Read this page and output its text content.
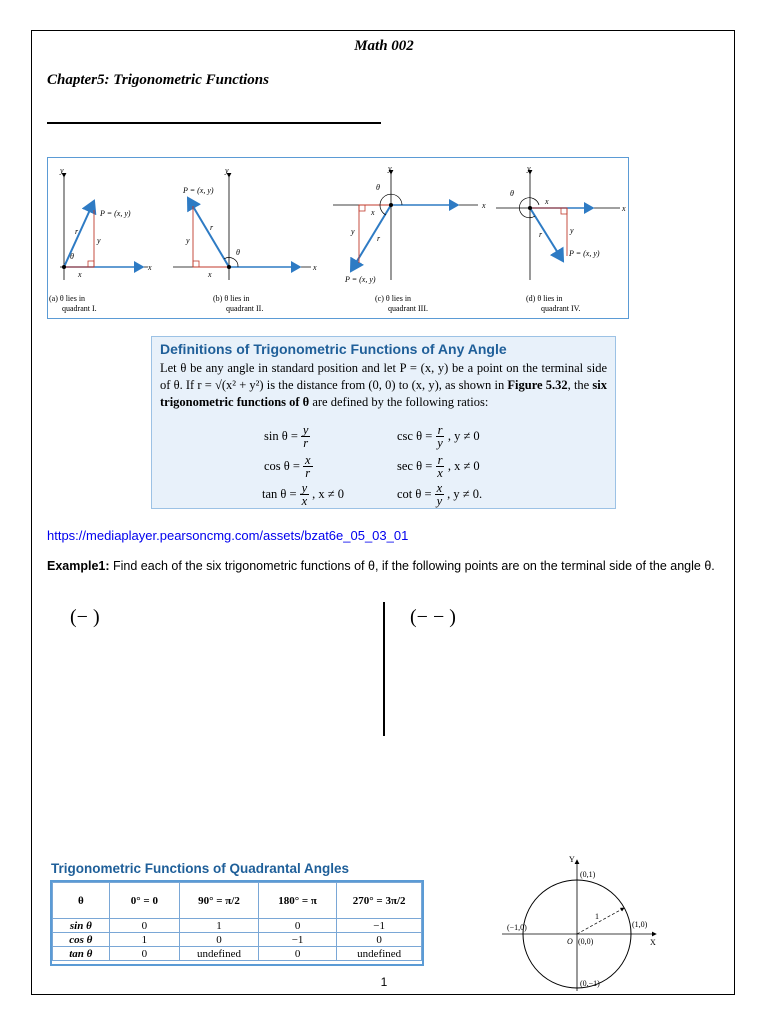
Math 002
Chapter5: Trigonometric Functions
y
x
P = (x, y)
r
y
x
θ
(a) θ lies in
quadrant I.
y
x
P = (x, y)
r
y
x
θ
(b) θ lies in
quadrant II.
y
x
P = (x, y)
r
y
x
θ
(c) θ lies in
quadrant III.
y
x
P = (x, y)
r	y
x
θ
(d) θ lies in
quadrant IV.
Definitions of Trigonometric Functions of Any Angle
Let θ be any angle in standard position and let P = (x, y) be a point on the terminal side of θ. If r = √(x² + y²) is the distance from (0, 0) to (x, y), as shown in Figure 5.32, the six trigonometric functions of θ are defined by the following ratios:
$\sin \theta = \frac{y}{r}$	$\csc \theta = \frac{r}{y}$ , y ≠ 0
$\cos \theta = \frac{x}{r}$	$\sec \theta = \frac{r}{x}$ , x ≠ 0
$\tan \theta = \frac{y}{x}$ , x ≠ 0	$\cot \theta = \frac{x}{y}$ , y ≠ 0.
https://mediaplayer.pearsoncmg.com/assets/bzat6e_05_03_01
Example1: Find each of the six trigonometric functions of θ, if the following points are on the terminal side of the angle θ.
(− )	(− − )
Trigonometric Functions of Quadrantal Angles
θ	0° = 0	90° = π/2	180° = π	270° = 3π/2
sin θ	0	1	0	−1
cos θ	1	0	−1	0
tan θ	0	undefined	0	undefined
Y
X
O (0,0)
(0,1)
(0,−1)
(−1,0)	(1,0)
1
1
